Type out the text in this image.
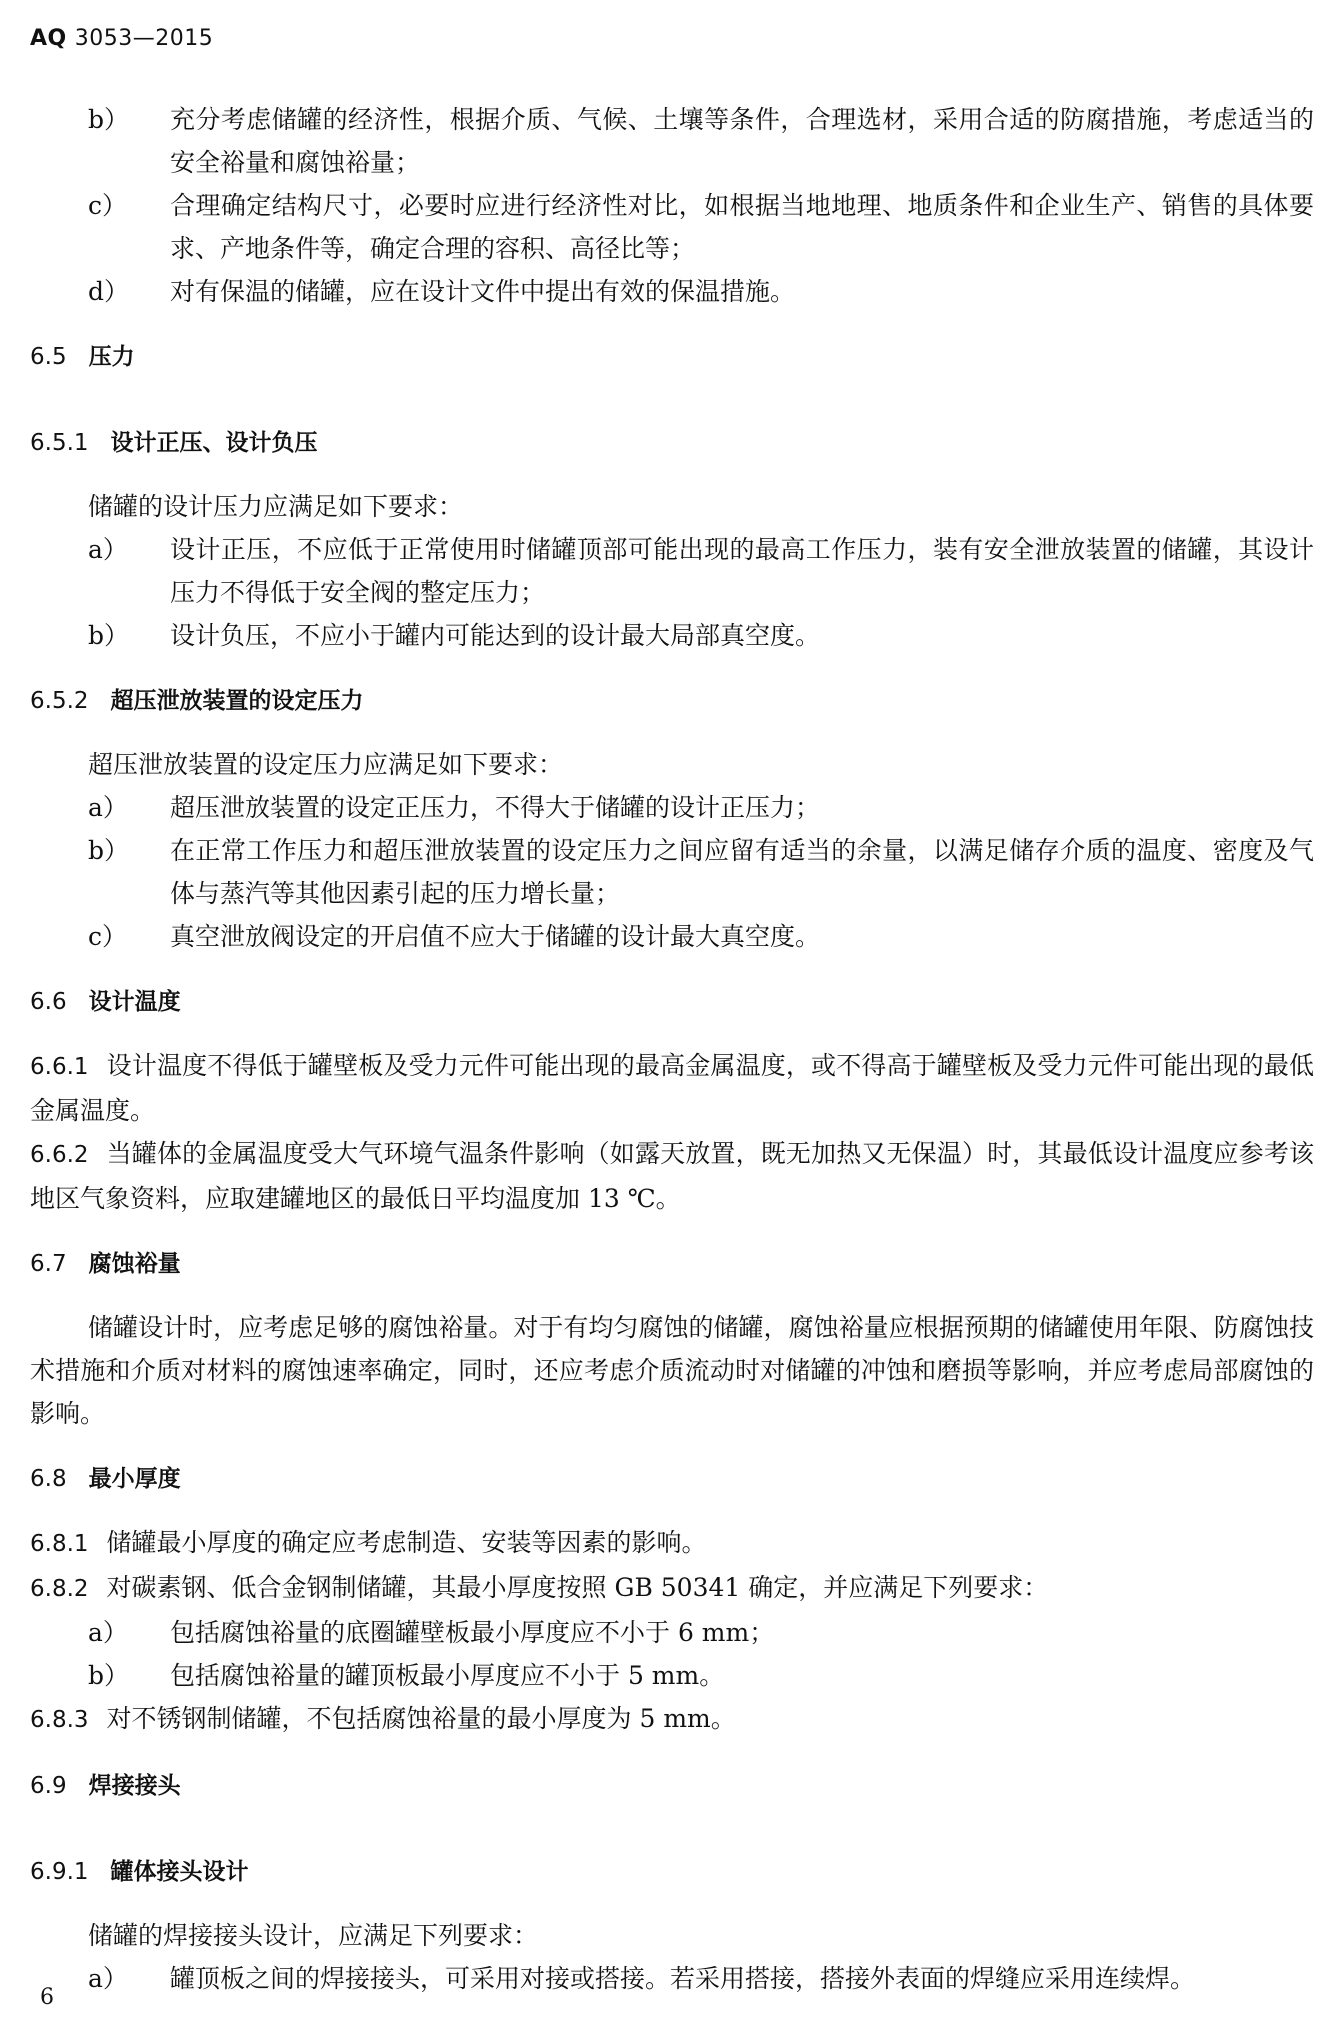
AQ 3053—2015
b）	充分考虑储罐的经济性，根据介质、气候、土壤等条件，合理选材，采用合适的防腐措施，考虑适当的安全裕量和腐蚀裕量；
c）	合理确定结构尺寸，必要时应进行经济性对比，如根据当地地理、地质条件和企业生产、销售的具体要求、产地条件等，确定合理的容积、高径比等；
d）	对有保温的储罐，应在设计文件中提出有效的保温措施。
6.5 压力
6.5.1 设计正压、设计负压
储罐的设计压力应满足如下要求：
a）	设计正压，不应低于正常使用时储罐顶部可能出现的最高工作压力，装有安全泄放装置的储罐，其设计压力不得低于安全阀的整定压力；
b）	设计负压，不应小于罐内可能达到的设计最大局部真空度。
6.5.2 超压泄放装置的设定压力
超压泄放装置的设定压力应满足如下要求：
a）	超压泄放装置的设定正压力，不得大于储罐的设计正压力；
b）	在正常工作压力和超压泄放装置的设定压力之间应留有适当的余量，以满足储存介质的温度、密度及气体与蒸汽等其他因素引起的压力增长量；
c）	真空泄放阀设定的开启值不应大于储罐的设计最大真空度。
6.6 设计温度
6.6.1 设计温度不得低于罐壁板及受力元件可能出现的最高金属温度，或不得高于罐壁板及受力元件可能出现的最低金属温度。
6.6.2 当罐体的金属温度受大气环境气温条件影响（如露天放置，既无加热又无保温）时，其最低设计温度应参考该地区气象资料，应取建罐地区的最低日平均温度加 13 ℃。
6.7 腐蚀裕量
储罐设计时，应考虑足够的腐蚀裕量。对于有均匀腐蚀的储罐，腐蚀裕量应根据预期的储罐使用年限、防腐蚀技术措施和介质对材料的腐蚀速率确定，同时，还应考虑介质流动时对储罐的冲蚀和磨损等影响，并应考虑局部腐蚀的影响。
6.8 最小厚度
6.8.1 储罐最小厚度的确定应考虑制造、安装等因素的影响。
6.8.2 对碳素钢、低合金钢制储罐，其最小厚度按照 GB 50341 确定，并应满足下列要求：
a）	包括腐蚀裕量的底圈罐壁板最小厚度应不小于 6 mm；
b）	包括腐蚀裕量的罐顶板最小厚度应不小于 5 mm。
6.8.3 对不锈钢制储罐，不包括腐蚀裕量的最小厚度为 5 mm。
6.9 焊接接头
6.9.1 罐体接头设计
储罐的焊接接头设计，应满足下列要求：
a）	罐顶板之间的焊接接头，可采用对接或搭接。若采用搭接，搭接外表面的焊缝应采用连续焊。
6
